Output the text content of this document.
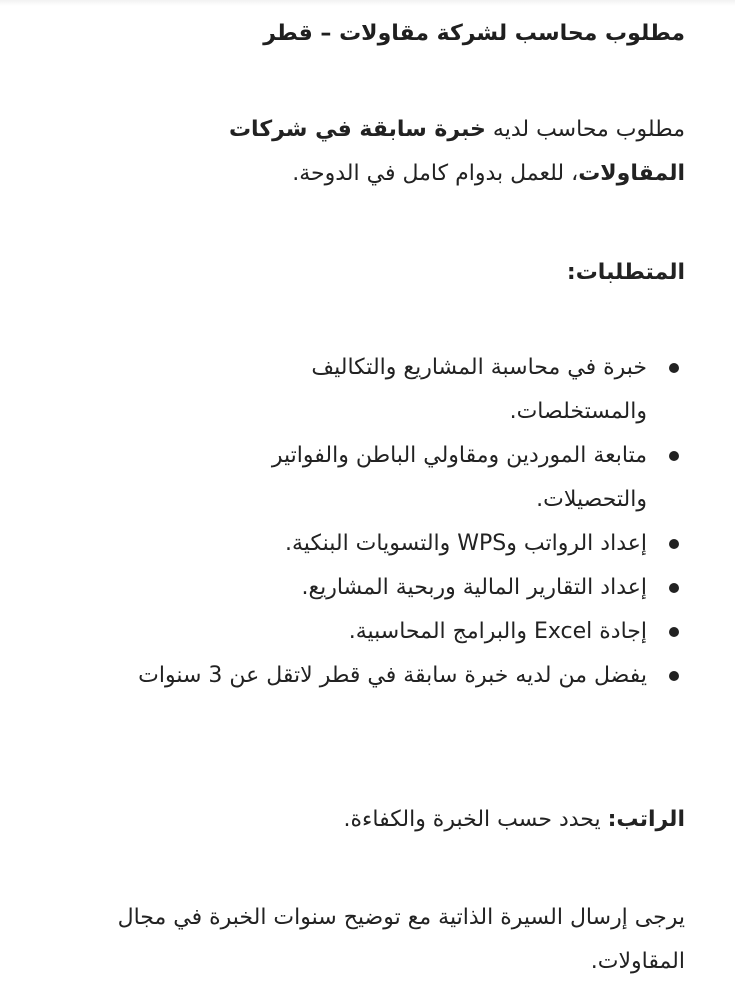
مطلوب محاسب لشركة مقاولات – قطر

مطلوب محاسب لديه خبرة سابقة في شركات المقاولات، للعمل بدوام كامل في الدوحة.

المتطلبات:
خبرة في محاسبة المشاريع والتكاليف والمستخلصات.
متابعة الموردين ومقاولي الباطن والفواتير والتحصيلات.
إعداد الرواتب وWPS والتسويات البنكية.
إعداد التقارير المالية وربحية المشاريع.
إجادة Excel والبرامج المحاسبية.
يفضل من لديه خبرة سابقة في قطر لاتقل عن 3 سنوات

الراتب: يحدد حسب الخبرة والكفاءة.

يرجى إرسال السيرة الذاتية مع توضيح سنوات الخبرة في مجال المقاولات.
